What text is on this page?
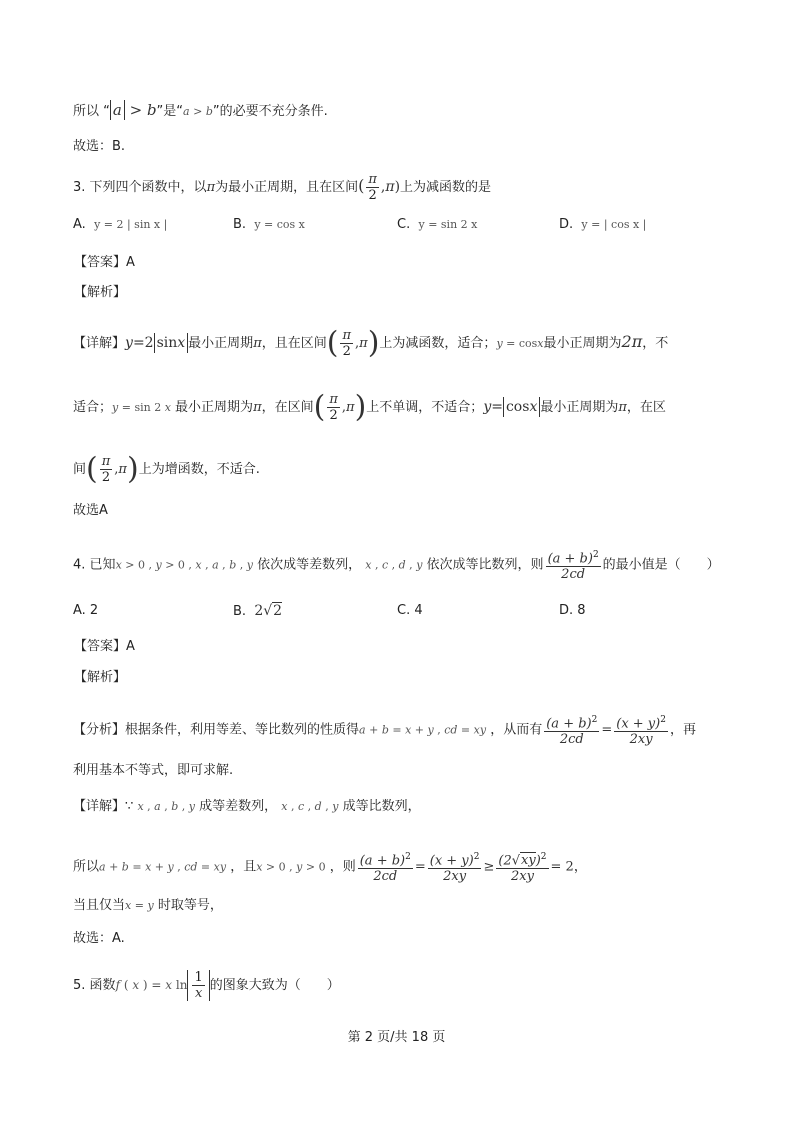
所以 “ a > b”是“a > b”的必要不充分条件.
故选：B.
3. 下列四个函数中，以π为最小正周期，且在区间( $\frac{\pi}{2} ,\pi$)上为减函数的是
A. y = 2 | sin x |	B. y = cos x	C. y = sin 2 x	D. y = | cos x |
【答案】A
【解析】
【详解】y=2 sinx 最小正周期π，且在区间( $\frac{\pi}{2} ,\pi$)上为减函数，适合；y = cosx最小正周期为2π，不
适合；y = sin 2 x 最小正周期为π，在区间( $\frac{\pi}{2} ,\pi$)上不单调，不适合；y= cosx 最小正周期为π，在区
间( $\frac{\pi}{2} ,\pi$)上为增函数，不适合.
故选A
4. 已知x > 0 , y > 0 , x , a , b , y 依次成等差数列， x , c , d , y 依次成等比数列，则 $\frac{(a + b)^2}{2cd}$ 的最小值是（　　）
A. 2	B. 2√2	C. 4	D. 8
【答案】A
【解析】
【分析】根据条件，利用等差、等比数列的性质得a + b = x + y , cd = xy ，从而有 $\frac{(a + b)^2}{2cd} = \frac{(x + y)^2}{2xy}$ ，再
利用基本不等式，即可求解.
【详解】∵ x , a , b , y 成等差数列， x , c , d , y 成等比数列，
所以a + b = x + y , cd = xy ，且x > 0 , y > 0 ，则 $\frac{(a + b)^2}{2cd} = \frac{(x + y)^2}{2xy} \ge \frac{(2√xy)^2}{2xy} = 2$，
当且仅当x = y 时取等号，
故选：A.
5. 函数f ( x ) = x $\ln \frac{1}{x}$ 的图象大致为（　　）
第 2 页/共 18 页
